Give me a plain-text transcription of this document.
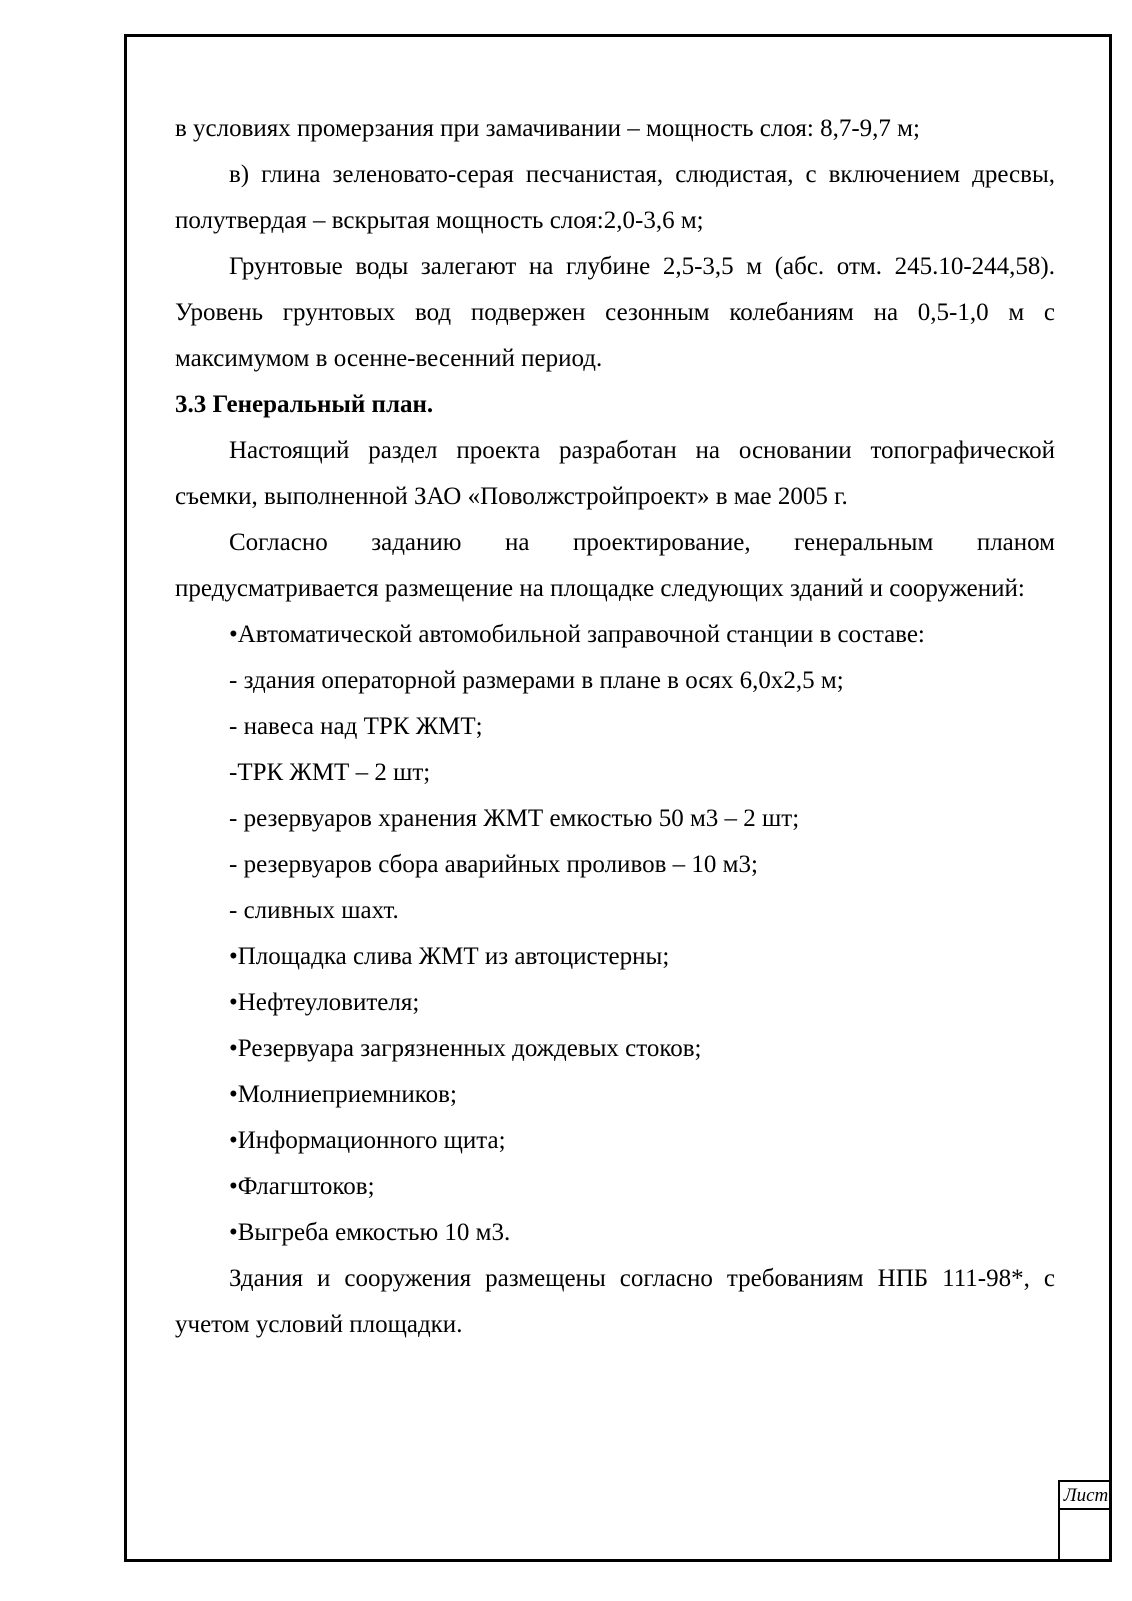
в условиях промерзания при замачивании – мощность слоя: 8,7-9,7 м;

в) глина зеленовато-серая песчанистая, слюдистая, с включением дресвы, полутвердая – вскрытая мощность слоя:2,0-3,6 м;

Грунтовые воды залегают на глубине 2,5-3,5 м (абс. отм. 245.10-244,58). Уровень грунтовых вод подвержен сезонным колебаниям на 0,5-1,0 м с максимумом в осенне-весенний период.

3.3 Генеральный план.

Настоящий раздел проекта разработан на основании топографической съемки, выполненной ЗАО «Поволжстройпроект» в мае 2005 г.

Согласно заданию на проектирование, генеральным планом предусматривается размещение на площадке следующих зданий и сооружений:

•Автоматической автомобильной заправочной станции в составе:

- здания операторной размерами в плане в осях 6,0х2,5 м;

- навеса над ТРК ЖМТ;

-ТРК ЖМТ – 2 шт;

- резервуаров хранения ЖМТ емкостью 50 м3 – 2 шт;

- резервуаров сбора аварийных проливов – 10 м3;

- сливных шахт.

•Площадка слива ЖМТ из автоцистерны;

•Нефтеуловителя;

•Резервуара загрязненных дождевых стоков;

•Молниеприемников;

•Информационного щита;

•Флагштоков;

•Выгреба емкостью 10 м3.

Здания и сооружения размещены согласно требованиям НПБ 111-98*, с учетом условий площадки.

Лист
